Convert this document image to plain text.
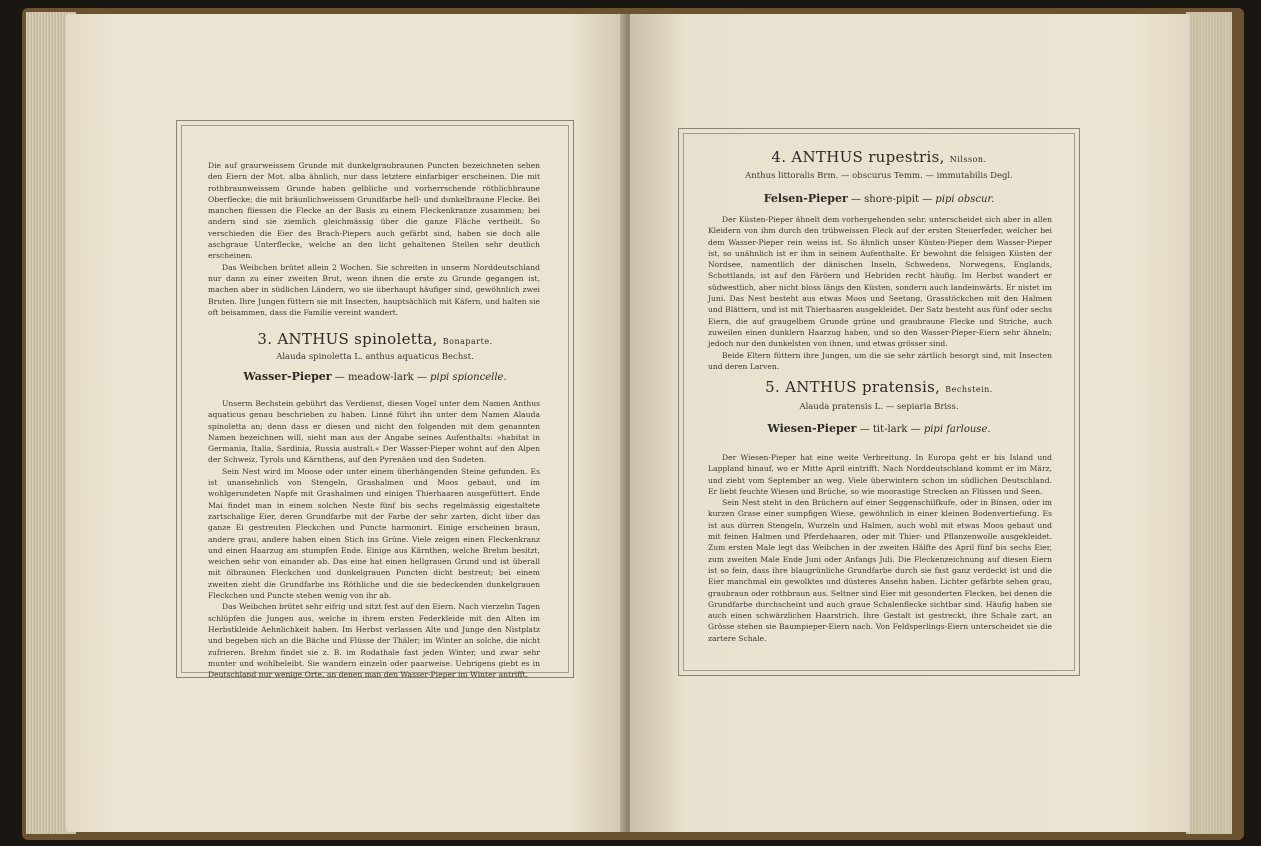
Die auf graurweissem Grunde mit dunkelgraubraunen Puncten bezeichneten sehen den Eiern der Mot. alba ähnlich, nur dass letztere einfarbiger erscheinen. Die mit rothbraunweissem Grunde haben gelbliche und vorherrschende röthlichbraune Oberflecke; die mit bräunlichweissem Grundfarbe hell- und dunkelbraune Flecke. Bei manchen fliessen die Flecke an der Basis zu einem Fleckenkranze zusammen; bei andern sind sie ziemlich gleichmässig über die ganze Fläche vertheilt. So verschieden die Eier des Brach-Piepers auch gefärbt sind, haben sie doch alle aschgraue Unterflecke, welche an den licht gehaltenen Stellen sehr deutlich erscheinen.

Das Weibchen brütet allein 2 Wochen. Sie schreiten in unserm Norddeutschland nur dann zu einer zweiten Brut, wenn ihnen die erste zu Grunde gegangen ist, machen aber in südlichen Ländern, wo sie überhaupt häufiger sind, gewöhnlich zwei Bruten. Ihre Jungen füttern sie mit Insecten, hauptsächlich mit Käfern, und halten sie oft beisammen, dass die Familie vereint wandert.

3. ANTHUS spinoletta, Bonaparte.
Alauda spinoletta L. anthus aquaticus Bechst.
Wasser-Pieper — meadow-lark — pipi spioncelle.

Unserm Bechstein gebührt das Verdienst, diesen Vogel unter dem Namen Anthus aquaticus genau beschrieben zu haben. Linné führt ihn unter dem Namen Alauda spinoletta an; denn dass er diesen und nicht den folgenden mit dem genannten Namen bezeichnen will, sieht man aus der Angabe seines Aufenthalts: »habitat in Germania, Italia, Sardinia, Russia australi.« Der Wasser-Pieper wohnt auf den Alpen der Schweiz, Tyrols und Kärnthens, auf den Pyrenäen und den Sudeten.

Sein Nest wird im Moose oder unter einem überhängenden Steine gefunden. Es ist unansehnlich von Stengeln, Grashalmen und Moos gebaut, und im wohlgerundeten Napfe mit Grashalmen und einigen Thierhaaren ausgefüttert. Ende Mai findet man in einem solchen Neste fünf bis sechs regelmässig eigestaltete zartschalige Eier, deren Grundfarbe mit der Farbe der sehr zarten, dicht über das ganze Ei gestreuten Fleckchen und Puncte harmonirt. Einige erscheinen braun, andere grau, andere haben einen Stich ins Grüne. Viele zeigen einen Fleckenkranz und einen Haarzug am stumpfen Ende. Einige aus Kärnthen, welche Brehm besitzt, weichen sehr von einander ab. Das eine hat einen hellgrauen Grund und ist überall mit ölbraunen Fleckchen und dunkelgrauen Puncten dicht bestreut; bei einem zweiten zieht die Grundfarbe ins Röthliche und die sie bedeckenden dunkelgrauen Fleckchen und Puncte stehen wenig von ihr ab.

Das Weibchen brütet sehr eifrig und sitzt fest auf den Eiern. Nach vierzehn Tagen schlüpfen die Jungen aus, welche in ihrem ersten Federkleide mit den Alten im Herbstkleide Aehnlichkeit haben. Im Herbst verlassen Alte und Junge den Nistplatz und begeben sich an die Bäche und Flüsse der Thäler; im Winter an solche, die nicht zufrieren. Brehm findet sie z. B. im Rodathale fast jeden Winter, und zwar sehr munter und wohlbeleibt. Sie wandern einzeln oder paarweise. Uebrigens giebt es in Deutschland nur wenige Orte, an denen man den Wasser-Pieper im Winter antrifft.

4. ANTHUS rupestris, Nilsson.
Anthus littoralis Brm. — obscurus Temm. — immutabilis Degl.
Felsen-Pieper — shore-pipit — pipi obscur.

Der Küsten-Pieper ähnelt dem vorhergehenden sehr, unterscheidet sich aber in allen Kleidern von ihm durch den trübweissen Fleck auf der ersten Steuerfeder, welcher bei dem Wasser-Pieper rein weiss ist. So ähnlich unser Küsten-Pieper dem Wasser-Pieper ist, so unähnlich ist er ihm in seinem Aufenthalte. Er bewohnt die felsigen Küsten der Nordsee, namentlich der dänischen Inseln, Schwedens, Norwegens, Englands, Schottlands, ist auf den Färöern und Hebriden recht häufig. Im Herbst wandert er südwestlich, aber nicht bloss längs den Küsten, sondern auch landeinwärts. Er nistet im Juni. Das Nest besteht aus etwas Moos und Seetang, Grasstöckchen mit den Halmen und Blättern, und ist mit Thierhaaren ausgekleidet. Der Satz besteht aus fünf oder sechs Eiern, die auf graugelbem Grunde grüne und graubraune Flecke und Striche, auch zuweilen einen dunklern Haarzug haben, und so den Wasser-Pieper-Eiern sehr ähneln; jedoch nur den dunkelsten von ihnen, und etwas grösser sind.

Beide Eltern füttern ihre Jungen, um die sie sehr zärtlich besorgt sind, mit Insecten und deren Larven.

5. ANTHUS pratensis, Bechstein.
Alauda pratensis L. — sepiaria Briss.
Wiesen-Pieper — tit-lark — pipi farlouse.

Der Wiesen-Pieper hat eine weite Verbreitung. In Europa geht er bis Island und Lappland hinauf, wo er Mitte April eintrifft. Nach Norddeutschland kommt er im März, und zieht vom September an weg. Viele überwintern schon im südlichen Deutschland. Er liebt feuchte Wiesen und Brüche, so wie moorastige Strecken an Flüssen und Seen.

Sein Nest steht in den Brüchern auf einer Seggenschilfkufe, oder in Binsen, oder im kurzen Grase einer sumpfigen Wiese, gewöhnlich in einer kleinen Bodenvertiefung. Es ist aus dürren Stengeln, Wurzeln und Halmen, auch wohl mit etwas Moos gebaut und mit feinen Halmen und Pferdehaaren, oder mit Thier- und Pflanzenwolle ausgekleidet. Zum ersten Male legt das Weibchen in der zweiten Hälfte des April fünf bis sechs Eier, zum zweiten Male Ende Juni oder Anfangs Juli. Die Fleckenzeichnung auf diesen Eiern ist so fein, dass ihre blaugrünliche Grundfarbe durch sie fast ganz verdeckt ist und die Eier manchmal ein gewolktes und düsteres Ansehn haben. Lichter gefärbte sehen grau, graubraun oder rothbraun aus. Seltner sind Eier mit gesonderten Flecken, bei denen die Grundfarbe durchscheint und auch graue Schalenflecke sichtbar sind. Häufig haben sie auch einen schwärzlichen Haarstrich. Ihre Gestalt ist gestreckt, ihre Schale zart, an Grösse stehen sie Baumpieper-Eiern nach. Von Feldsperlings-Eiern unterscheidet sie die zartere Schale.
